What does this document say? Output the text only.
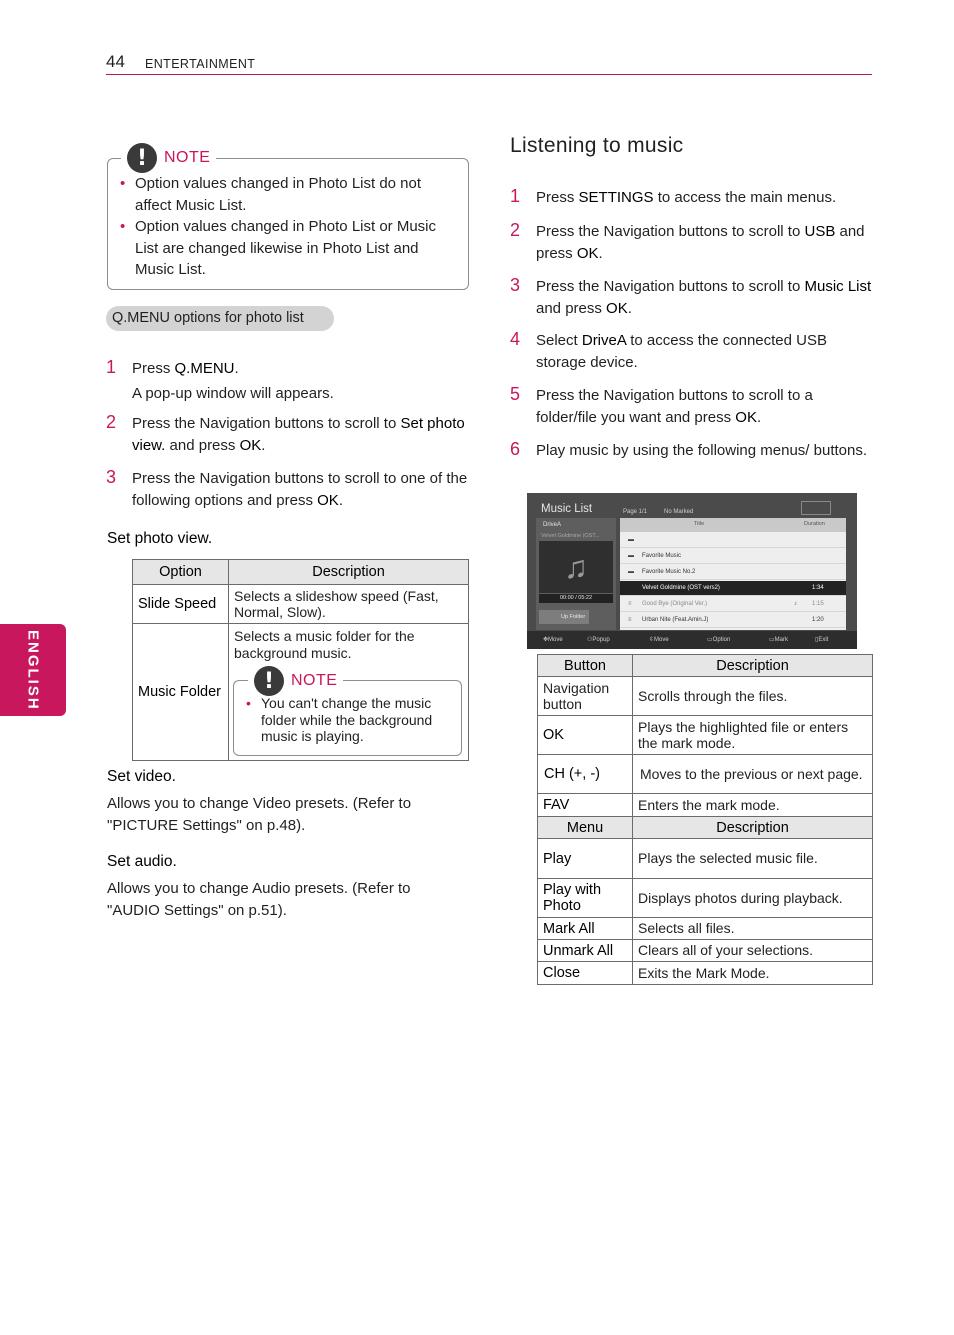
44 ENTERTAINMENT
ENGLISH
!	NOTE
• Option values changed in Photo List do not affect Music List.
• Option values changed in Photo List or Music List are changed likewise in Photo List and Music List.
Q.MENU options for photo list
1 Press Q.MENU.
A pop-up window will appears.
2 Press the Navigation buttons to scroll to Set photo view. and press OK.
3 Press the Navigation buttons to scroll to one of the following options and press OK.
Set photo view.
Option	Description
Slide Speed	Selects a slideshow speed (Fast, Normal, Slow).
Music Folder	Selects a music folder for the background music.
!	NOTE
• You can't change the music folder while the background music is playing.
Set video.
Allows you to change Video presets. (Refer to "PICTURE Settings" on p.48).
Set audio.
Allows you to change Audio presets. (Refer to "AUDIO Settings" on p.51).
Listening to music
1 Press SETTINGS to access the main menus.
2 Press the Navigation buttons to scroll to USB and press OK.
3 Press the Navigation buttons to scroll to Music List and press OK.
4 Select DriveA to access the connected USB storage device.
5 Press the Navigation buttons to scroll to a folder/file you want and press OK.
6 Play music by using the following menus/ buttons.
Music List	Page 1/1	No Marked
DriveA
Velvet Goldmine (OST...
♫
00:00 / 05:22
Up Folder
Title	Duration
▬
▬ Favorite Music
▬ Favorite Music No.2
Velvet Goldmine (OST vers2)	1:34
≡ Good Bye (Original Ver.)	♪	1:15
≡ Urban Nite (Feat.Amin.J)	1:20
✥ Move	⚇ Popup	⇳ Move	▭ Option	▭ Mark	▯ Exit
Button	Description
Navigation button	Scrolls through the files.
OK	Plays the highlighted file or enters the mark mode.
CH (+, -)	Moves to the previous or next page.
FAV	Enters the mark mode.
Menu	Description
Play	Plays the selected music file.
Play with Photo	Displays photos during playback.
Mark All	Selects all files.
Unmark All	Clears all of your selections.
Close	Exits the Mark Mode.
